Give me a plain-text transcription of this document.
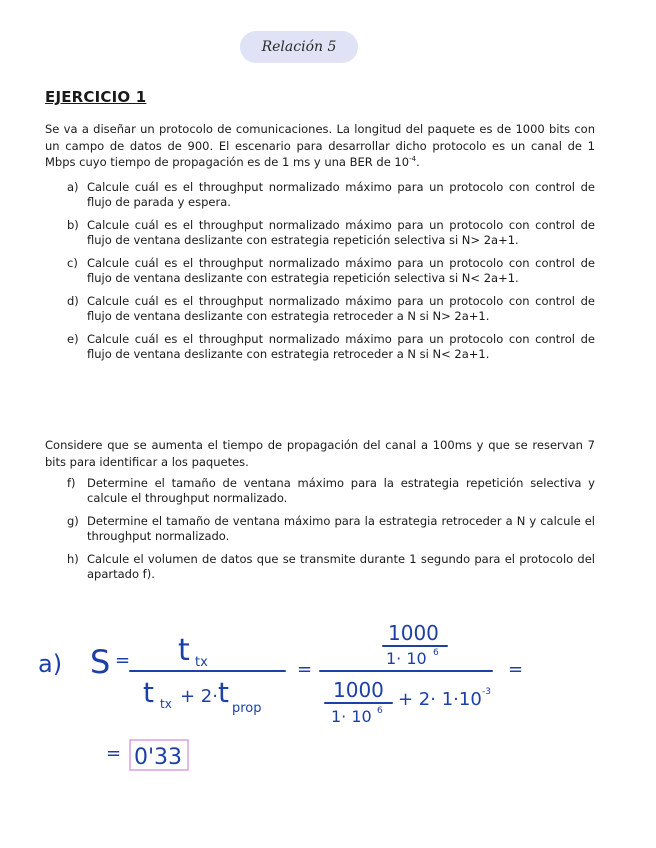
Relación 5
EJERCICIO 1

Se va a diseñar un protocolo de comunicaciones. La longitud del paquete es de 1000 bits con un campo de datos de 900. El escenario para desarrollar dicho protocolo es un canal de 1 Mbps cuyo tiempo de propagación es de 1 ms y una BER de $10^{-4}$.

a) Calcule cuál es el throughput normalizado máximo para un protocolo con control de flujo de parada y espera.
b) Calcule cuál es el throughput normalizado máximo para un protocolo con control de flujo de ventana deslizante con estrategia repetición selectiva si N> 2a+1.
c) Calcule cuál es el throughput normalizado máximo para un protocolo con control de flujo de ventana deslizante con estrategia repetición selectiva si N< 2a+1.
d) Calcule cuál es el throughput normalizado máximo para un protocolo con control de flujo de ventana deslizante con estrategia retroceder a N si N> 2a+1.
e) Calcule cuál es el throughput normalizado máximo para un protocolo con control de flujo de ventana deslizante con estrategia retroceder a N si N< 2a+1.

Considere que se aumenta el tiempo de propagación del canal a 100ms y que se reservan 7 bits para identificar a los paquetes.

f) Determine el tamaño de ventana máximo para la estrategia repetición selectiva y calcule el throughput normalizado.
g) Determine el tamaño de ventana máximo para la estrategia retroceder a N y calcule el throughput normalizado.
h) Calcule el volumen de datos que se transmite durante 1 segundo para el protocolo del apartado f).
a) S = t tx
t tx + 2· t prop
=
1000
1· 10 6
1000
1· 10 6
+ 2· 1·10 -3
=
= 0'33
